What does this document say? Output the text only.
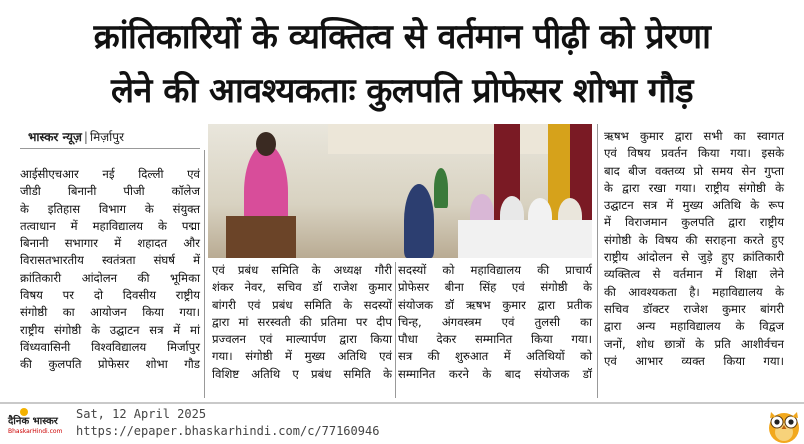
क्रांतिकारियों के व्यक्तित्व से वर्तमान पीढ़ी को प्रेरणा
लेने की आवश्यकताः कुलपति प्रोफेसर शोभा गौड़
भास्कर न्यूज़ | मिर्ज़ापुर

आईसीएचआर नई दिल्ली एवं

जीडी बिनानी पीजी कॉलेज

के इतिहास विभाग के संयुक्त

तत्वाधान में महाविद्यालय के पद्मा

बिनानी सभागार में शहादत और

विरासतभारतीय स्वतंत्रता संघर्ष में

क्रांतिकारी आंदोलन की भूमिका

विषय पर दो दिवसीय राष्ट्रीय

संगोष्ठी का आयोजन किया गया।

राष्ट्रीय संगोष्ठी के उद्घाटन सत्र में मां

विंध्यवासिनी विश्वविद्यालय मिर्जापुर

की कुलपति प्रोफेसर शोभा गौड

एवं प्रबंध समिति के अध्यक्ष गौरी

शंकर नेवर, सचिव डॉ राजेश कुमार

बांगरी एवं प्रबंध समिति के सदस्यों

द्वारा मां सरस्वती की प्रतिमा पर दीप

प्रज्वलन एवं माल्यार्पण द्वारा किया

गया। संगोष्ठी में मुख्य अतिथि एवं

विशिष्ट अतिथि ए प्रबंध समिति के

सदस्यों को महाविद्यालय की प्राचार्य

प्रोफेसर बीना सिंह एवं संगोष्ठी के

संयोजक डॉ ऋषभ कुमार द्वारा प्रतीक

चिन्ह, अंगवस्त्रम एवं तुलसी का

पौधा देकर सम्मानित किया गया।

सत्र की शुरुआत में अतिथियों को

सम्मानित करने के बाद संयोजक डॉ

ऋषभ कुमार द्वारा सभी का स्वागत

एवं विषय प्रवर्तन किया गया। इसके

बाद बीज वक्तव्य प्रो समय सेन गुप्ता

के द्वारा रखा गया। राष्ट्रीय संगोष्ठी के

उद्घाटन सत्र में मुख्य अतिथि के रूप

में विराजमान कुलपति द्वारा राष्ट्रीय

संगोष्ठी के विषय की सराहना करते हुए

राष्ट्रीय आंदोलन से जुड़े हुए क्रांतिकारी

व्यक्तित्व से वर्तमान में शिक्षा लेने

की आवश्यकता है। महाविद्यालय के

सचिव डॉक्टर राजेश कुमार बांगरी

द्वारा अन्य महाविद्यालय के विद्वज

जनों, शोध छात्रों के प्रति आशीर्वचन

एवं आभार व्यक्त किया गया।

दैनिक भास्कर
BhaskarHindi.com
Sat, 12 April 2025
https://epaper.bhaskarhindi.com/c/77160946
